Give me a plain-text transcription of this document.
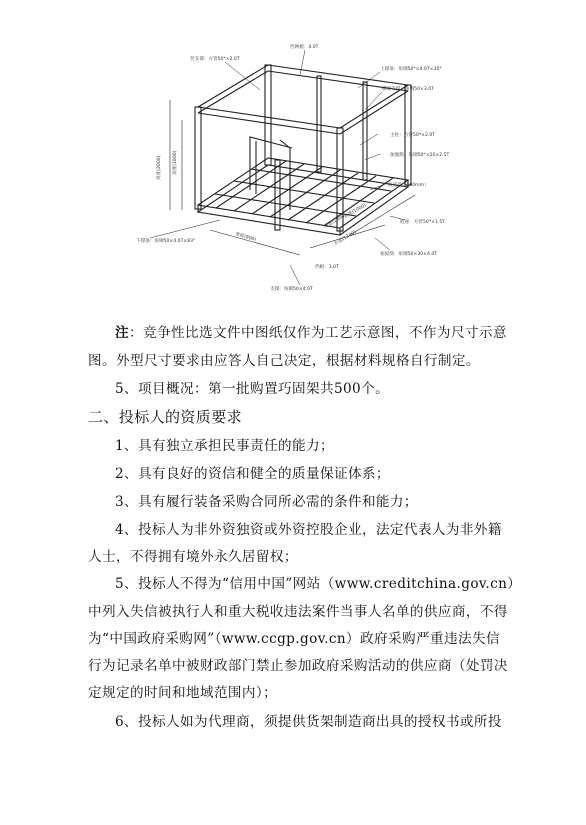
竖支撑：方管50*×2.0T
挡网板：4.0T
上撑条：角钢50*×4.0T×30*
横梁支撑：角钢50×3.0T
主柱：方管50*×2.0T
加强筋：角钢50*×20×2.5T
高度(2000)	高度(1800)
底座高（100mm）
底座：方管50*×1.5T
长度(1000)
宽度(1000)
长度(1200)
下撑条：角钢50×4.0T×83°	宽度(800)
挡板：3.0T
加固筋：角钢50×30×4.0T
支撑：角钢50×4.0T
注：竞争性比选文件中图纸仅作为工艺示意图，不作为尺寸示意
图。外型尺寸要求由应答人自己决定，根据材料规格自行制定。
5、项目概况：第一批购置巧固架共500个。
二、投标人的资质要求
1、具有独立承担民事责任的能力；
2、具有良好的资信和健全的质量保证体系；
3、具有履行装备采购合同所必需的条件和能力；
4、投标人为非外资独资或外资控股企业，法定代表人为非外籍
人士，不得拥有境外永久居留权；
5、投标人不得为“信用中国”网站（www.creditchina.gov.cn）
中列入失信被执行人和重大税收违法案件当事人名单的供应商，不得
为“中国政府采购网”（www.ccgp.gov.cn）政府采购严重违法失信
行为记录名单中被财政部门禁止参加政府采购活动的供应商（处罚决
定规定的时间和地域范围内）；
6、投标人如为代理商，须提供货架制造商出具的授权书或所投
